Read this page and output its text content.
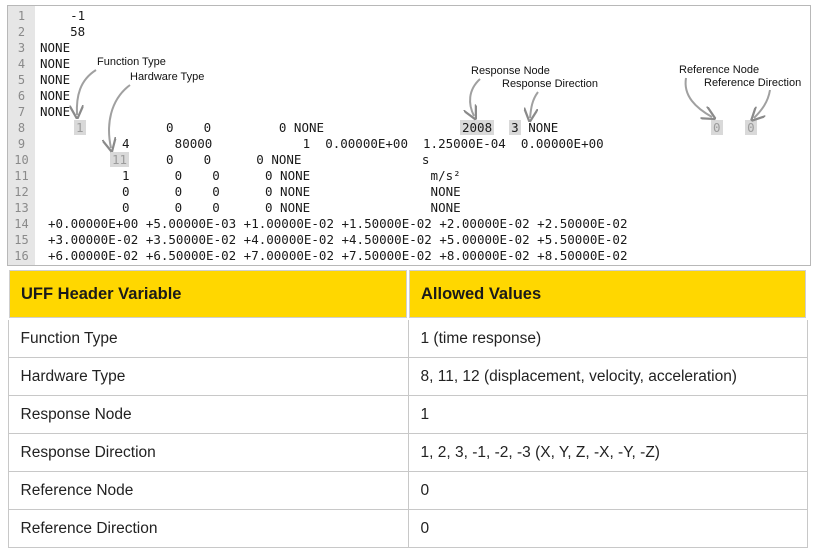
1
2
3
4
5
6
7
8
9
10
11
12
13
14
15
16
-1
58
NONE
NONE
NONE
NONE
NONE
1	0    0         0 NONE	2008 3 NONE	0 0
4      80000            1  0.00000E+00  1.25000E-04  0.00000E+00
11	0    0      0 NONE                s
1      0    0      0 NONE                m/s²
0      0    0      0 NONE                NONE
0      0    0      0 NONE                NONE
+0.00000E+00 +5.00000E-03 +1.00000E-02 +1.50000E-02 +2.00000E-02 +2.50000E-02
+3.00000E-02 +3.50000E-02 +4.00000E-02 +4.50000E-02 +5.00000E-02 +5.50000E-02
+6.00000E-02 +6.50000E-02 +7.00000E-02 +7.50000E-02 +8.00000E-02 +8.50000E-02
Function Type
Hardware Type	Response Node
Response Direction
Reference Node
Reference Direction
UFF Header Variable	Allowed Values
Function Type	1 (time response)
Hardware Type	8, 11, 12 (displacement, velocity, acceleration)
Response Node	1
Response Direction	1, 2, 3, -1, -2, -3 (X, Y, Z, -X, -Y, -Z)
Reference Node	0
Reference Direction	0
